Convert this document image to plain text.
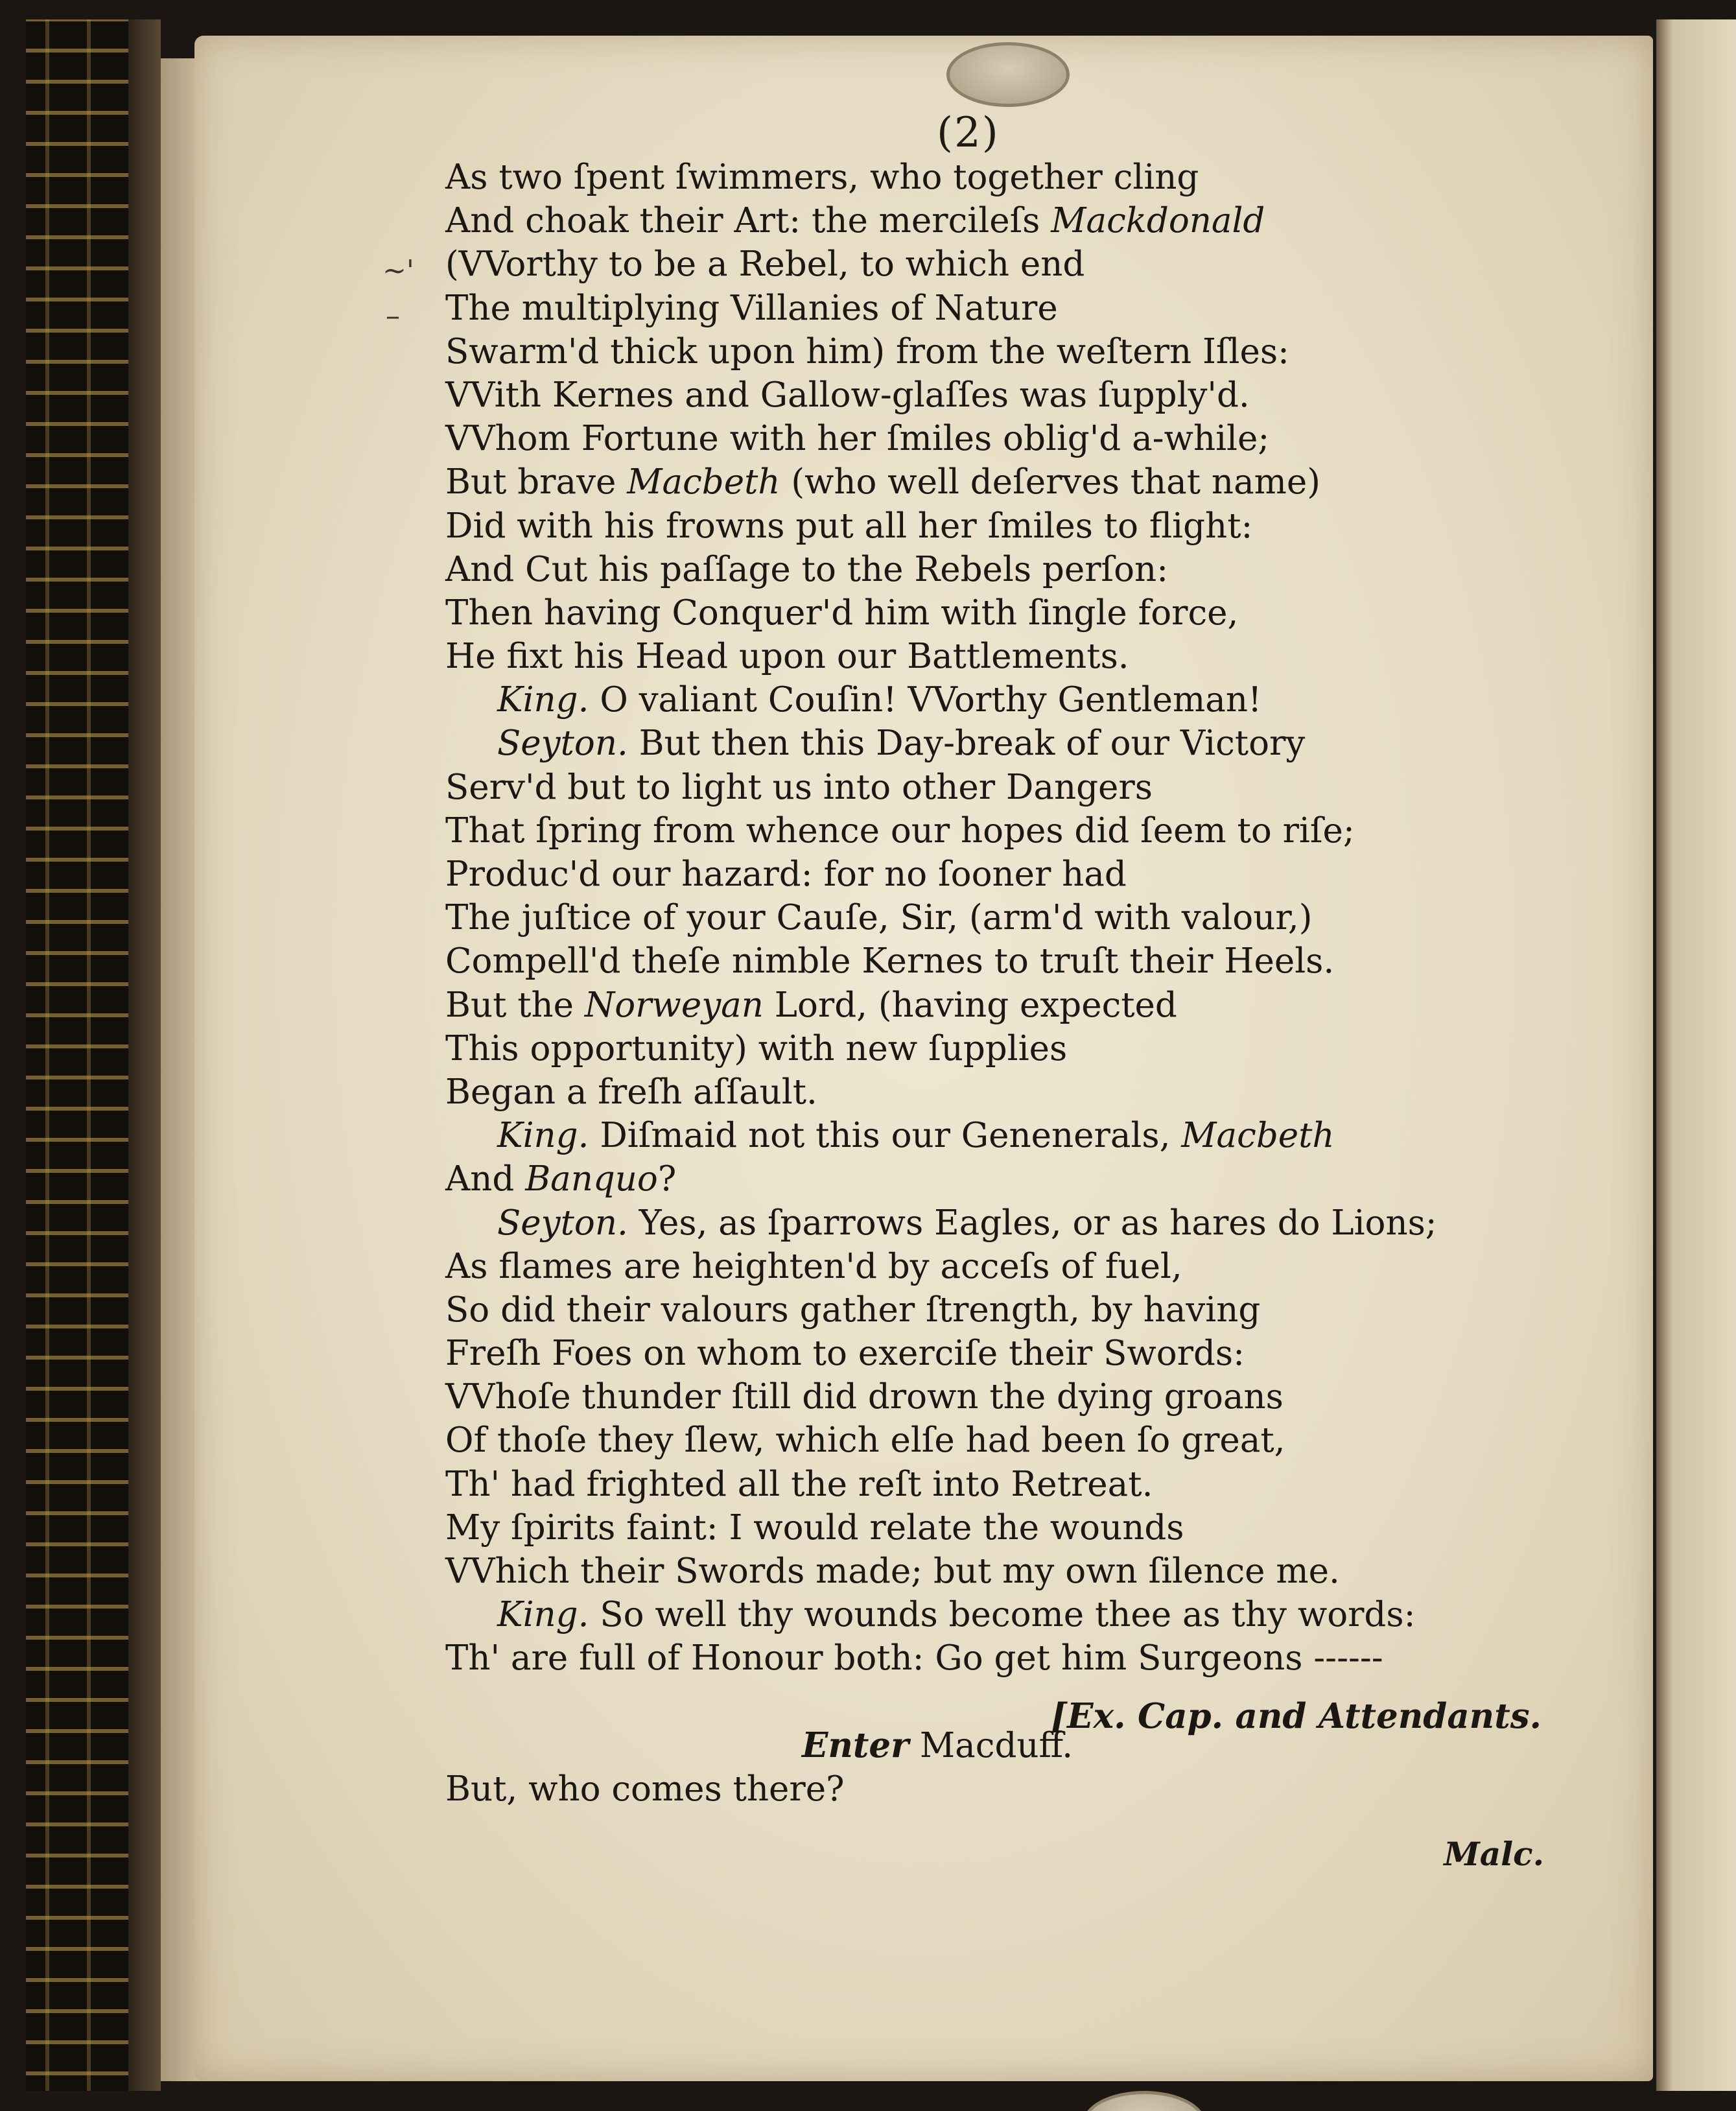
~'
–
(2)
As two ſpent ſwimmers, who together cling
And choak their Art: the mercileſs Mackdonald
(VVorthy to be a Rebel, to which end
The multiplying Villanies of Nature
Swarm'd thick upon him) from the weſtern Iſles:
VVith Kernes and Gallow-glaſſes was ſupply'd.
VVhom Fortune with her ſmiles oblig'd a-while;
But brave Macbeth (who well deſerves that name)
Did with his frowns put all her ſmiles to flight:
And Cut his paſſage to the Rebels perſon:
Then having Conquer'd him with ſingle force,
He fixt his Head upon our Battlements.
King. O valiant Couſin! VVorthy Gentleman!
Seyton. But then this Day-break of our Victory
Serv'd but to light us into other Dangers
That ſpring from whence our hopes did ſeem to riſe;
Produc'd our hazard: for no ſooner had
The juſtice of your Cauſe, Sir, (arm'd with valour,)
Compell'd theſe nimble Kernes to truſt their Heels.
But the Norweyan Lord, (having expected
This opportunity) with new ſupplies
Began a freſh aſſault.
King. Diſmaid not this our Genenerals, Macbeth
And Banquo?
Seyton. Yes, as ſparrows Eagles, or as hares do Lions;
As flames are heighten'd by acceſs of fuel,
So did their valours gather ſtrength, by having
Freſh Foes on whom to exerciſe their Swords:
VVhoſe thunder ſtill did drown the dying groans
Of thoſe they ſlew, which elſe had been ſo great,
Th' had frighted all the reſt into Retreat.
My ſpirits faint: I would relate the wounds
VVhich their Swords made; but my own ſilence me.
King. So well thy wounds become thee as thy words:
Th' are full of Honour both: Go get him Surgeons ------
Enter Macduff.
But, who comes there?
[Ex. Cap. and Attendants.
Malc.
